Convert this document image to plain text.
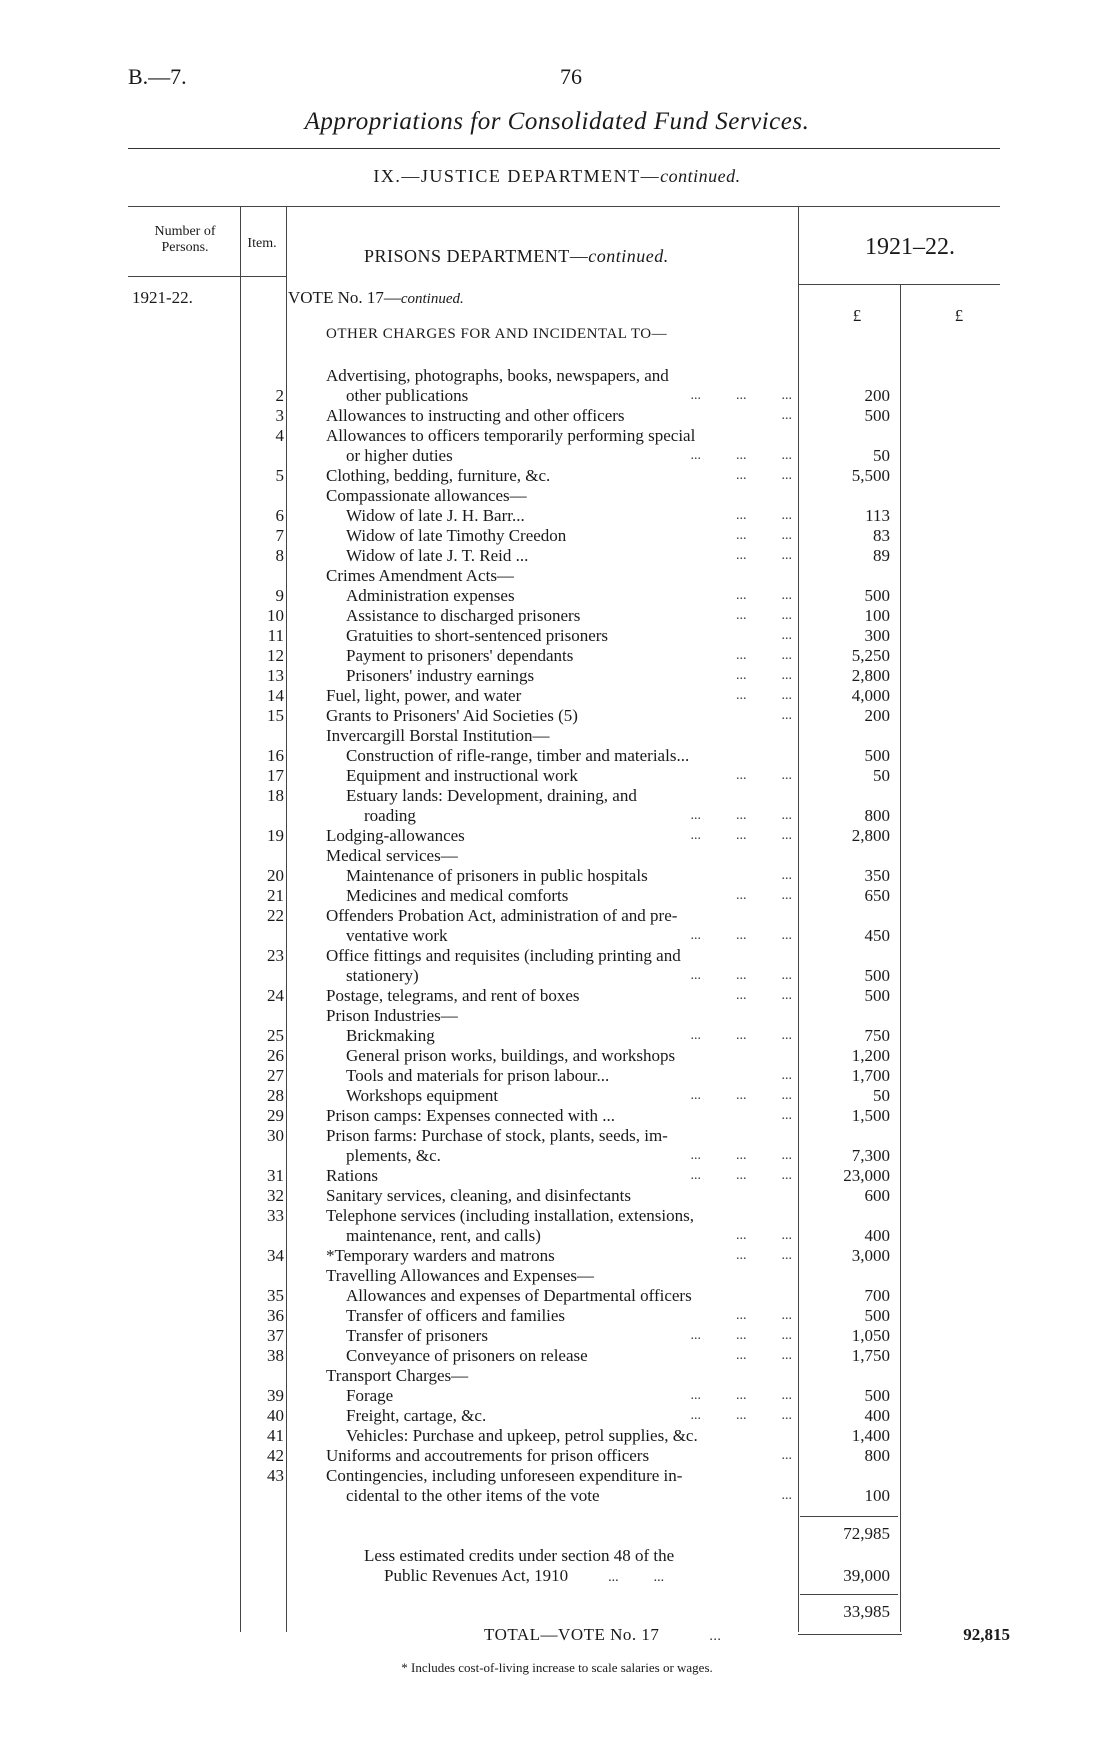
B.—7.	76
Appropriations for Consolidated Fund Services.
IX.—JUSTICE DEPARTMENT—continued.
Number of Persons.	Item.
PRISONS DEPARTMENT—continued.	1921–22.
1921-22.	VOTE No. 17—continued.
OTHER CHARGES FOR AND INCIDENTAL TO—
£	£
Advertising, photographs, books, newspapers, and
2	other publications	...          ...          ...	200
3 Allowances to instructing and other officers	...	500
4 Allowances to officers temporarily performing special
or higher duties	...          ...          ...	50
5 Clothing, bedding, furniture, &c.	...          ...	5,500
Compassionate allowances—
6	Widow of late J. H. Barr...	...          ...	113
7	Widow of late Timothy Creedon	...          ...	83
8	Widow of late J. T. Reid ...	...          ...	89
Crimes Amendment Acts—
9	Administration expenses	...          ...	500
10	Assistance to discharged prisoners	...          ...	100
11	Gratuities to short-sentenced prisoners	...	300
12	Payment to prisoners' dependants	...          ...	5,250
13	Prisoners' industry earnings	...          ...	2,800
14 Fuel, light, power, and water	...          ...	4,000
15 Grants to Prisoners' Aid Societies (5)	...	200
Invercargill Borstal Institution—
16	Construction of rifle-range, timber and materials...	500
17	Equipment and instructional work	...          ...	50
18	Estuary lands: Development, draining, and
roading	...          ...          ...	800
19 Lodging-allowances	...          ...          ...	2,800
Medical services—
20	Maintenance of prisoners in public hospitals	...	350
21	Medicines and medical comforts	...          ...	650
22 Offenders Probation Act, administration of and pre-
ventative work	...          ...          ...	450
23 Office fittings and requisites (including printing and
stationery)	...          ...          ...	500
24 Postage, telegrams, and rent of boxes	...          ...	500
Prison Industries—
25	Brickmaking	...          ...          ...	750
26	General prison works, buildings, and workshops	1,200
27	Tools and materials for prison labour...	...	1,700
28	Workshops equipment	...          ...          ...	50
29 Prison camps: Expenses connected with ...	...	1,500
30 Prison farms: Purchase of stock, plants, seeds, im-
plements, &c.	...          ...          ...	7,300
31 Rations	...          ...          ...	23,000
32 Sanitary services, cleaning, and disinfectants	600
33 Telephone services (including installation, extensions,
maintenance, rent, and calls)	...          ...	400
34 *Temporary warders and matrons	...          ...	3,000
Travelling Allowances and Expenses—
35	Allowances and expenses of Departmental officers	700
36	Transfer of officers and families	...          ...	500
37	Transfer of prisoners	...          ...          ...	1,050
38	Conveyance of prisoners on release	...          ...	1,750
Transport Charges—
39	Forage	...          ...          ...	500
40	Freight, cartage, &c.	...          ...          ...	400
41	Vehicles: Purchase and upkeep, petrol supplies, &c.	1,400
42 Uniforms and accoutrements for prison officers	...	800
43 Contingencies, including unforeseen expenditure in-
cidental to the other items of the vote	...	100
72,985
Less estimated credits under section 48 of the
Public Revenues Act, 1910	...          ...	39,000
33,985
TOTAL—VOTE No. 17	...	92,815
* Includes cost-of-living increase to scale salaries or wages.
